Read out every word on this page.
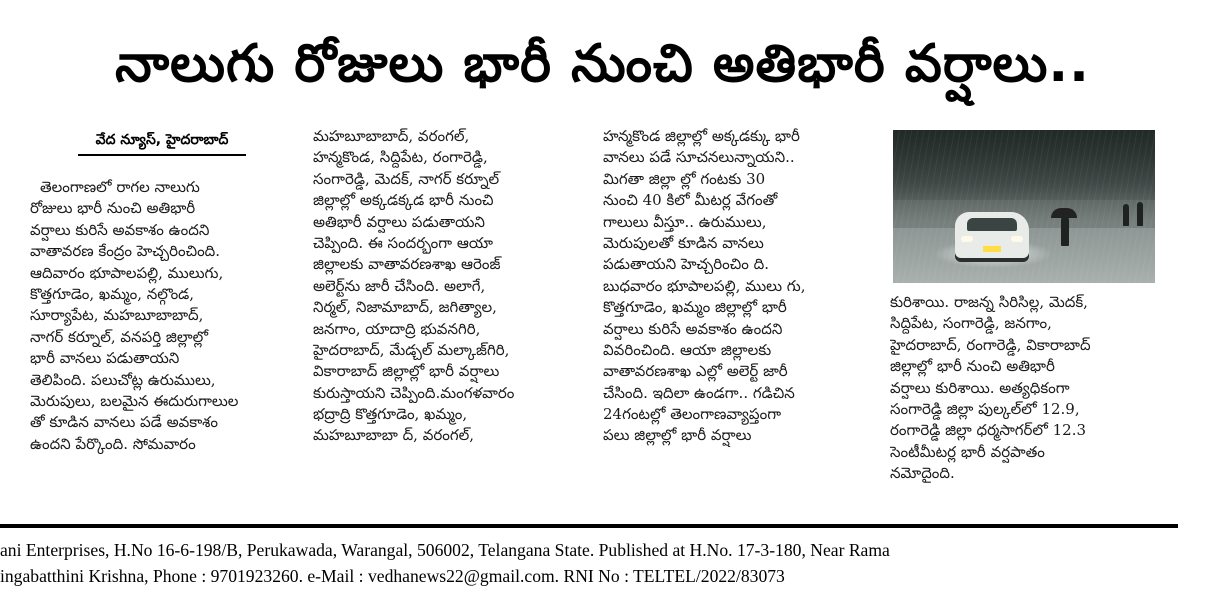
నాలుగు రోజులు భారీ నుంచి అతిభారీ వర్షాలు..
వేద న్యూస్, హైదరాబాద్
తెలంగాణలో రాగల నాలుగు
రోజులు భారీ నుంచి అతిభారీ
వర్షాలు కురిసే అవకాశం ఉందని
వాతావరణ కేంద్రం హెచ్చరించింది.
ఆదివారం భూపాలపల్లి, ములుగు,
కొత్తగూడెం, ఖమ్మం, నల్గొండ,
సూర్యాపేట, మహబూబాబాద్,
నాగర్ కర్నూల్, వనపర్తి జిల్లాల్లో
భారీ వానలు పడుతాయని
తెలిపింది. పలుచోట్ల ఉరుములు,
మెరుపులు, బలమైన ఈదురుగాలుల
తో కూడిన వానలు పడే అవకాశం
ఉందని పేర్కొంది. సోమవారం
మహబూబాబాద్, వరంగల్,
హన్మకొండ, సిద్దిపేట, రంగారెడ్డి,
సంగారెడ్డి, మెదక్, నాగర్ కర్నూల్
జిల్లాల్లో అక్కడక్కడ భారీ నుంచి
అతిభారీ వర్షాలు పడుతాయని
చెప్పింది. ఈ సందర్భంగా ఆయా
జిల్లాలకు వాతావరణశాఖ ఆరెంజ్
అలెర్ట్‌ను జారీ చేసింది. అలాగే,
నిర్మల్, నిజామాబాద్, జగిత్యాల,
జనగాం, యాదాద్రి భువనగిరి,
హైదరాబాద్, మేడ్చల్ మల్కాజ్‌గిరి,
వికారాబాద్ జిల్లాల్లో భారీ వర్షాలు
కురుస్తాయని చెప్పింది.మంగళవారం
భద్రాద్రి కొత్తగూడెం, ఖమ్మం,
మహబూబాబా ద్, వరంగల్,
హన్మకొండ జిల్లాల్లో అక్కడక్కు భారీ
వానలు పడే సూచనలున్నాయని..
మిగతా జిల్లా ల్లో గంటకు 30
నుంచి 40 కిలో మీటర్ల వేగంతో
గాలులు వీస్తూ.. ఉరుములు,
మెరుపులతో కూడిన వానలు
పడుతాయని హెచ్చరించిం ది.
బుధవారం భూపాలపల్లి, ములు గు,
కొత్తగూడెం, ఖమ్మం జిల్లాల్లో భారీ
వర్షాలు కురిసే అవకాశం ఉందని
వివరించింది. ఆయా జిల్లాలకు
వాతావరణశాఖ ఎల్లో అలెర్ట్ జారీ
చేసింది. ఇదిలా ఉండగా.. గడిచిన
24గంటల్లో తెలంగాణవ్యాప్తంగా
పలు జిల్లాల్లో భారీ వర్షాలు
కురిశాయి. రాజన్న సిరిసిల్ల, మెదక్,
సిద్దిపేట, సంగారెడ్డి, జనగాం,
హైదరాబాద్, రంగారెడ్డి, వికారాబాద్
జిల్లాల్లో భారీ నుంచి అతిభారీ
వర్షాలు కురిశాయి. అత్యధికంగా
సంగారెడ్డి జిల్లా పుల్కల్‌లో 12.9,
రంగారెడ్డి జిల్లా ధర్మసాగర్‌లో 12.3
సెంటీమీటర్ల భారీ వర్షపాతం
నమోదైంది.
ani Enterprises, H.No 16-6-198/B, Perukawada, Warangal, 506002, Telangana State. Published at H.No. 17-3-180, Near Rama
ingabatthini Krishna, Phone : 9701923260. e-Mail : vedhanews22@gmail.com. RNI No : TELTEL/2022/83073
